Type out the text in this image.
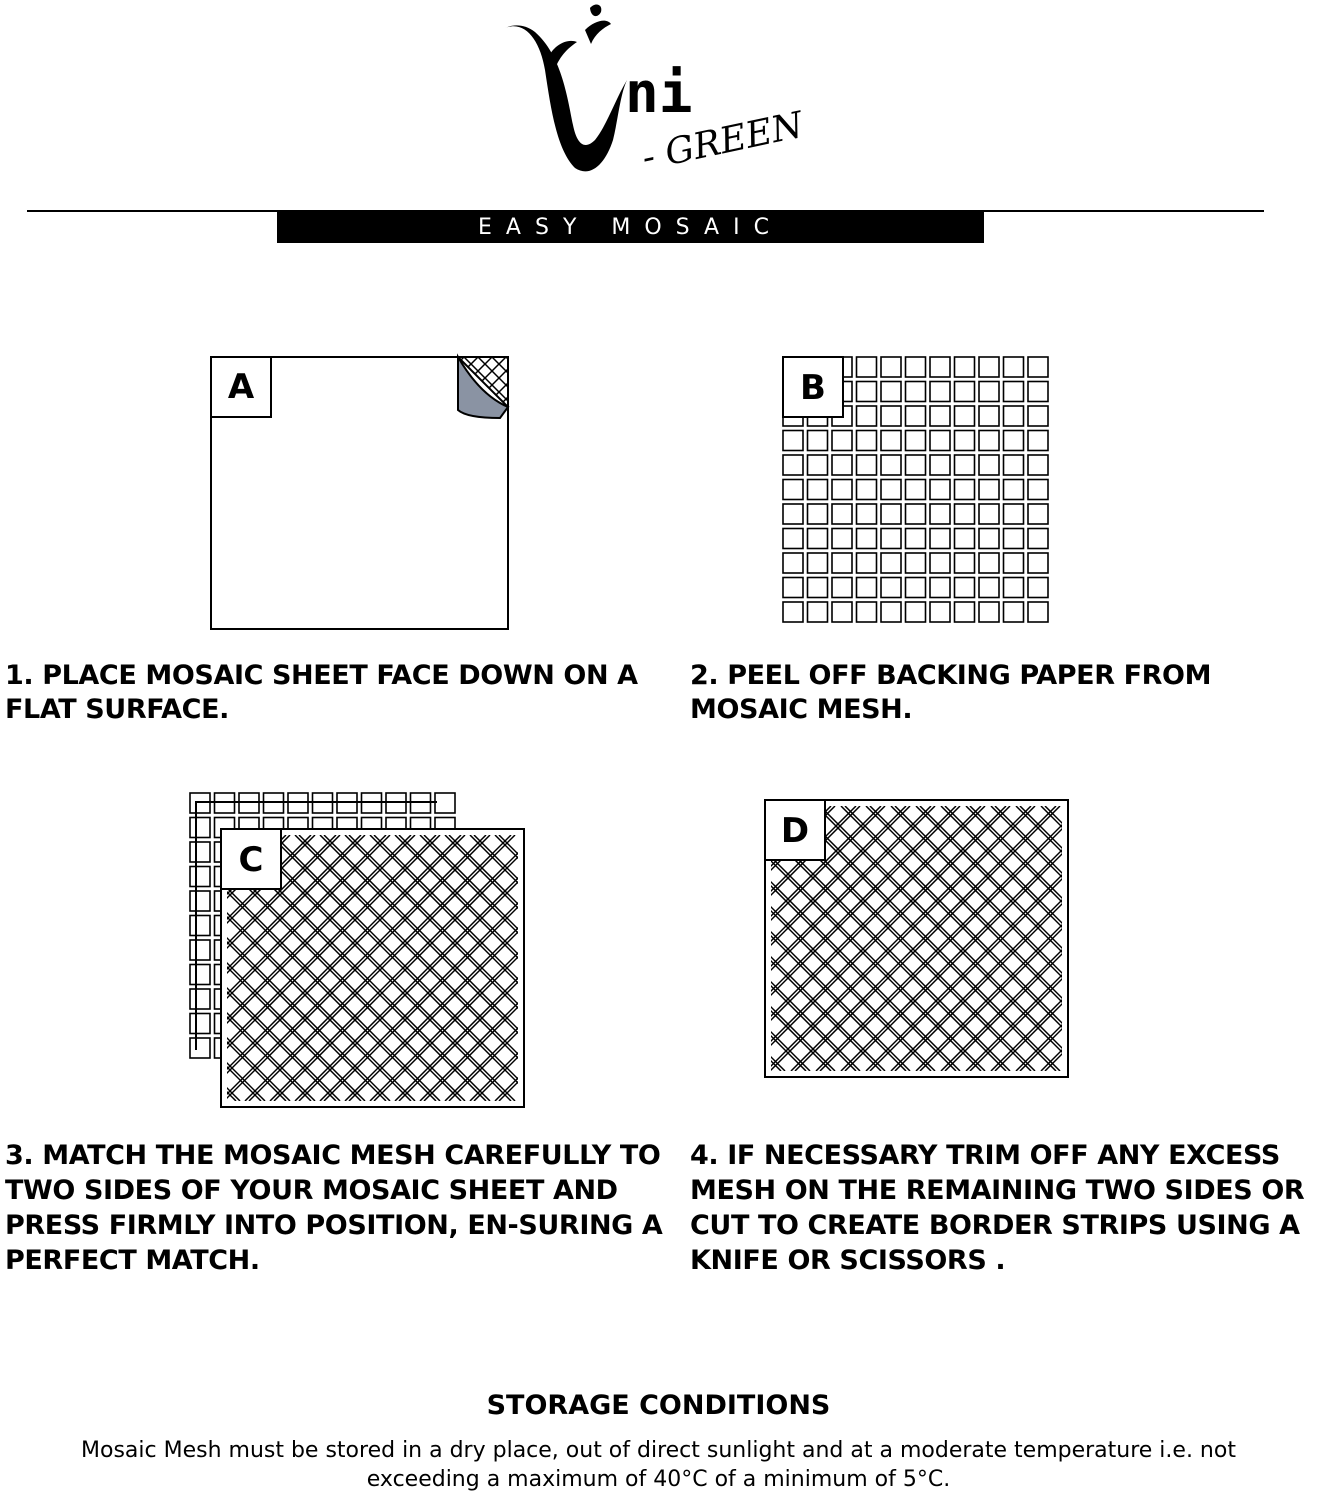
ni
- GREEN
EASY MOSAIC
A	B
C
D
1. PLACE MOSAIC SHEET FACE DOWN ON A FLAT SURFACE.
2. PEEL OFF BACKING PAPER FROM MOSAIC MESH.
3. MATCH THE MOSAIC MESH CAREFULLY TO TWO SIDES OF YOUR MOSAIC SHEET AND PRESS FIRMLY INTO POSITION, EN-SURING A PERFECT MATCH.
4. IF NECESSARY TRIM OFF ANY EXCESS MESH ON THE REMAINING TWO SIDES OR CUT TO CREATE BORDER STRIPS USING A KNIFE OR SCISSORS .
STORAGE CONDITIONS
Mosaic Mesh must be stored in a dry place, out of direct sunlight and at a moderate temperature i.e. not exceeding a maximum of 40°C of a minimum of 5°C.
